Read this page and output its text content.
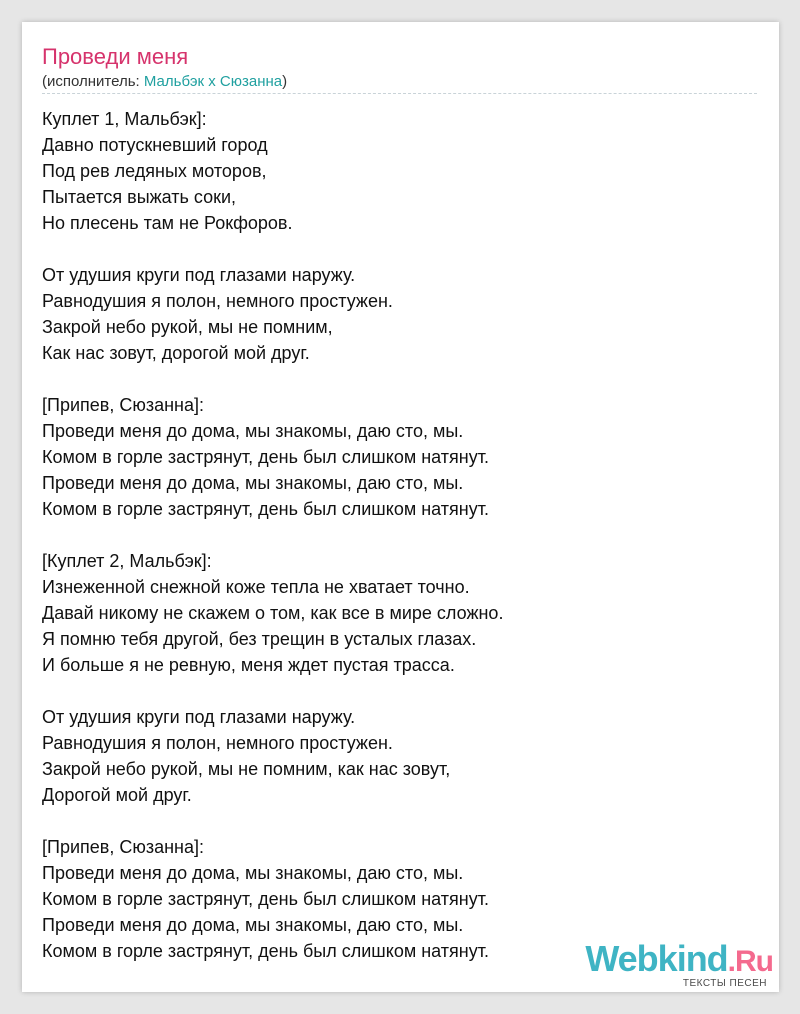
Проведи меня
(исполнитель: Мальбэк х Сюзанна)
Куплет 1, Мальбэк]:
Давно потускневший город
Под рев ледяных моторов,
Пытается выжать соки,
Но плесень там не Рокфоров.
От удушия круги под глазами наружу.
Равнодушия я полон, немного простужен.
Закрой небо рукой, мы не помним,
Как нас зовут, дорогой мой друг.
[Припев, Сюзанна]:
Проведи меня до дома, мы знакомы, даю сто, мы.
Комом в горле застрянут, день был слишком натянут.
Проведи меня до дома, мы знакомы, даю сто, мы.
Комом в горле застрянут, день был слишком натянут.
[Куплет 2, Мальбэк]:
Изнеженной снежной коже тепла не хватает точно.
Давай никому не скажем о том, как все в мире сложно.
Я помню тебя другой, без трещин в усталых глазах.
И больше я не ревную, меня ждет пустая трасса.
От удушия круги под глазами наружу.
Равнодушия я полон, немного простужен.
Закрой небо рукой, мы не помним, как нас зовут,
Дорогой мой друг.
[Припев, Сюзанна]:
Проведи меня до дома, мы знакомы, даю сто, мы.
Комом в горле застрянут, день был слишком натянут.
Проведи меня до дома, мы знакомы, даю сто, мы.
Комом в горле застрянут, день был слишком натянут.	Webkind.Ru
ТЕКСТЫ ПЕСЕН
